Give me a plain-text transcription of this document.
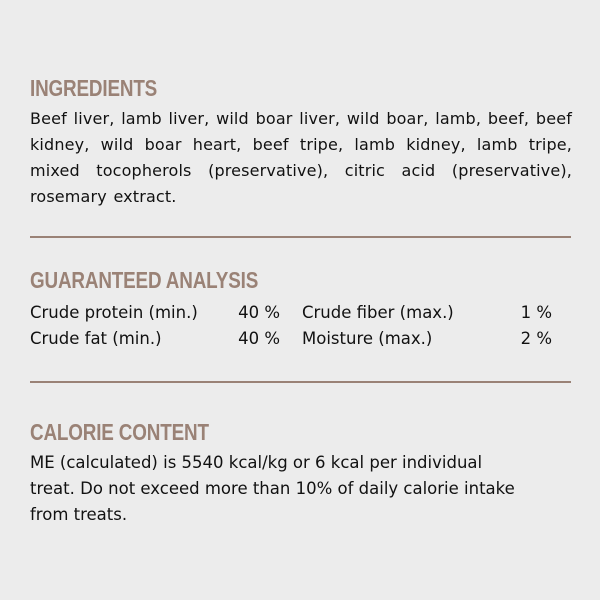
INGREDIENTS

Beef liver, lamb liver, wild boar liver, wild boar, lamb, beef, beef kidney, wild boar heart, beef tripe, lamb kidney, lamb tripe, mixed tocopherols (preservative), citric acid (preservative), rosemary extract.

GUARANTEED ANALYSIS
Crude protein (min.)	40 % Crude fiber (max.)	1 %
Crude fat (min.)	40 % Moisture (max.)	2 %
CALORIE CONTENT
ME (calculated) is 5540 kcal/kg or 6 kcal per individual
treat. Do not exceed more than 10% of daily calorie intake
from treats.
